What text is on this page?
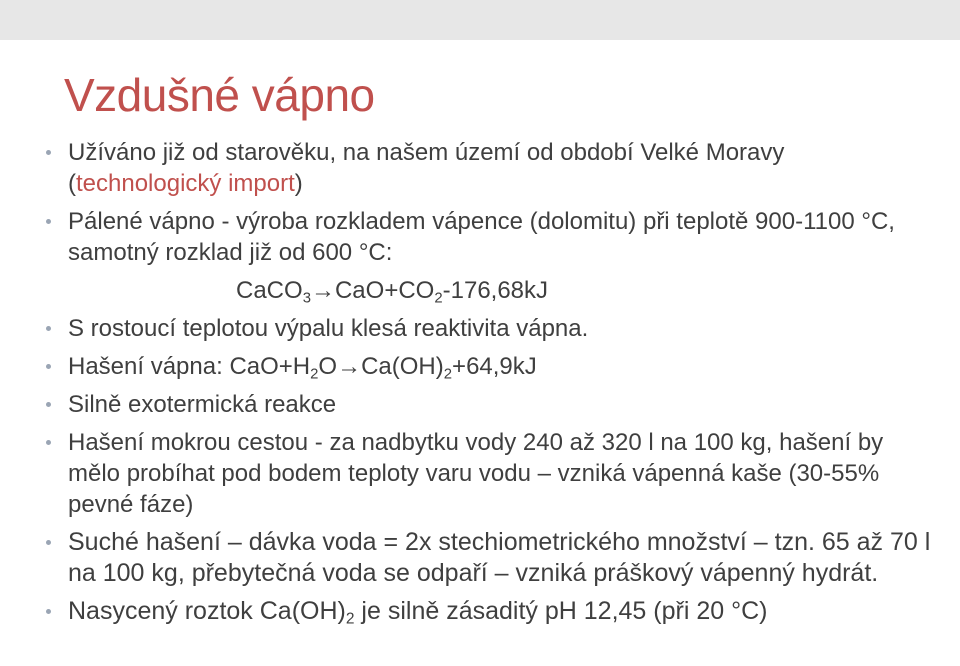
Vzdušné vápno
Užíváno již od starověku, na našem území od období Velké Moravy (technologický import)
Pálené vápno - výroba rozkladem vápence (dolomitu) při teplotě 900-1100 °C, samotný rozklad již od 600 °C:
$CaCO_3\to CaO+CO_2-176,68kJ$
S rostoucí teplotou výpalu klesá reaktivita vápna.
Hašení vápna: $CaO+H_2O\to Ca(OH)_2+64,9kJ$
Silně exotermická reakce
Hašení mokrou cestou - za nadbytku vody 240 až 320 l na 100 kg, hašení by mělo probíhat pod bodem teploty varu vodu – vzniká vápenná kaše (30-55% pevné fáze)
Suché hašení – dávka voda = 2x stechiometrického množství – tzn. 65 až 70 l na 100 kg, přebytečná voda se odpaří – vzniká práškový vápenný hydrát.
Nasycený roztok $Ca(OH)_2$ je silně zásaditý pH 12,45 (při 20 °C)
